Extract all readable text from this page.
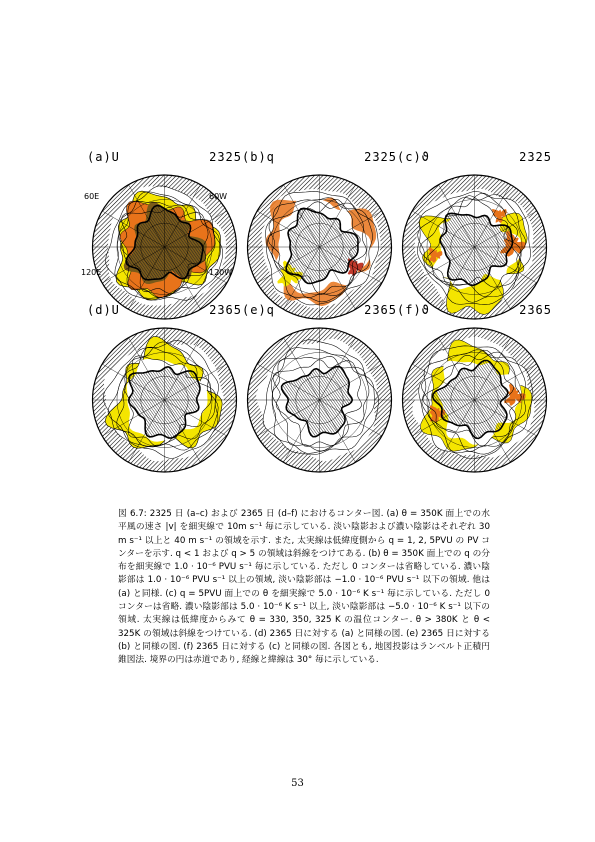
(a)U	2325
60E	60W
120E	120W
(b)q	2325 (c)ϑ	2325
(d)U	2365 (e)q	2365 (f)ϑ	2365
図 6.7: 2325 日 (a–c) および 2365 日 (d–f) におけるコンター図. (a) θ = 350K 面上での水平風の速さ |v| を細実線で 10m s⁻¹ 毎に示している. 淡い陰影および濃い陰影はそれぞれ 30 m s⁻¹ 以上と 40 m s⁻¹ の領域を示す. また, 太実線は低緯度側から q = 1, 2, 5PVU の PV コンターを示す. q < 1 および q > 5 の領域は斜線をつけてある. (b) θ = 350K 面上での q の分布を細実線で 1.0 · 10⁻⁶ PVU s⁻¹ 毎に示している. ただし 0 コンターは省略している. 濃い陰影部は 1.0 · 10⁻⁶ PVU s⁻¹ 以上の領域, 淡い陰影部は −1.0 · 10⁻⁶ PVU s⁻¹ 以下の領域. 他は (a) と同様. (c) q = 5PVU 面上での θ を細実線で 5.0 · 10⁻⁶ K s⁻¹ 毎に示している. ただし 0 コンターは省略. 濃い陰影部は 5.0 · 10⁻⁶ K s⁻¹ 以上, 淡い陰影部は −5.0 · 10⁻⁶ K s⁻¹ 以下の領域. 太実線は低緯度からみて θ = 330, 350, 325 K の温位コンター. θ > 380K と θ < 325K の領域は斜線をつけている. (d) 2365 日に対する (a) と同様の図. (e) 2365 日に対する (b) と同様の図. (f) 2365 日に対する (c) と同様の図. 各図とも, 地図投影はランベルト正積円錐図法. 境界の円は赤道であり, 経線と緯線は 30° 毎に示している.
53
